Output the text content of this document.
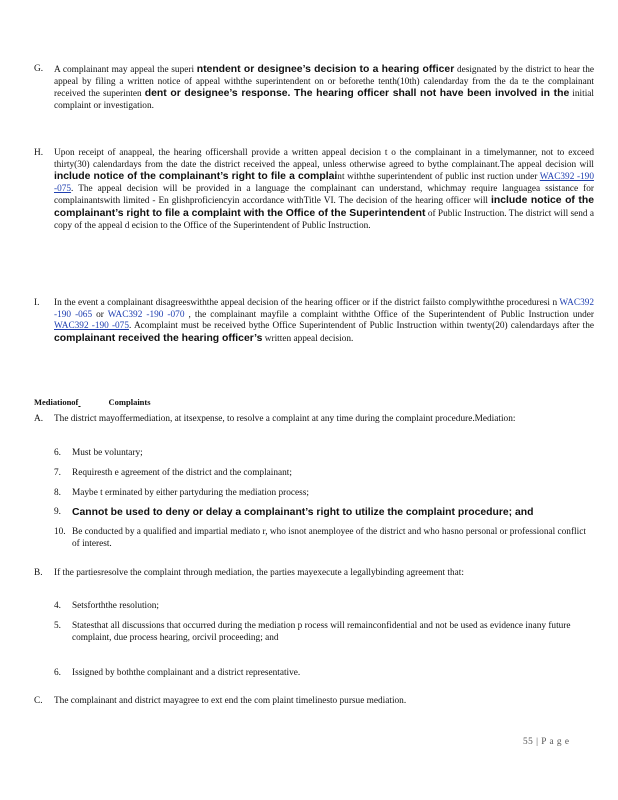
G.	A complainant may appeal the superi ntendent or designee’s decision to a hearing officer designated by the district to hear the appeal by filing a written notice of appeal withthe superintendent on or beforethe tenth(10th) calendarday from the da te the complainant received the superinten dent or designee’s response. The hearing officer shall not have been involved in the initial complaint or investigation.
H.	Upon receipt of anappeal, the hearing officershall provide a written appeal decision t o the complainant in a timelymanner, not to exceed thirty(30) calendardays from the date the district received the appeal, unless otherwise agreed to bythe complainant.The appeal decision will include notice of the complainant’s right to file a complaint withthe superintendent of public inst ruction under WAC392 -190 -075. The appeal decision will be provided in a language the complainant can understand, whichmay require languagea ssistance for complainantswith limited - En glishproficiencyin accordance withTitle VI. The decision of the hearing officer will include notice of the complainant’s right to file a complaint with the Office of the Superintendent of Public Instruction. The district will send a copy of the appeal d ecision to the Office of the Superintendent of Public Instruction.
I.	In the event a complainant disagreeswiththe appeal decision of the hearing officer or if the district failsto complywiththe proceduresi n WAC392 -190 -065 or WAC392 -190 -070 , the complainant mayfile a complaint withthe Office of the Superintendent of Public Instruction under WAC392 -190 -075. Acomplaint must be received bythe Office Superintendent of Public Instruction within twenty(20) calendardays after the complainant received the hearing officer’s written appeal decision.
Mediationof	Complaints
A.	The district mayoffermediation, at itsexpense, to resolve a complaint at any time during the complaint procedure.Mediation:
6.	Must be voluntary;
7.	Requiresth e agreement of the district and the complainant;
8.	Maybe t erminated by either partyduring the mediation process;
9.	Cannot be used to deny or delay a complainant’s right to utilize the complaint procedure; and
10. Be conducted by a qualified and impartial mediato r, who isnot anemployee of the district and who hasno personal or professional conflict of interest.
B.	If the partiesresolve the complaint through mediation, the parties mayexecute a legallybinding agreement that:
4.	Setsforththe resolution;
5.	Statesthat all discussions that occurred during the mediation p rocess will remainconfidential and not be used as evidence inany future complaint, due process hearing, orcivil proceeding; and
6.	Issigned by boththe complainant and a district representative.
C.	The complainant and district mayagree to ext end the com plaint timelinesto pursue mediation.
55 | P a g e
